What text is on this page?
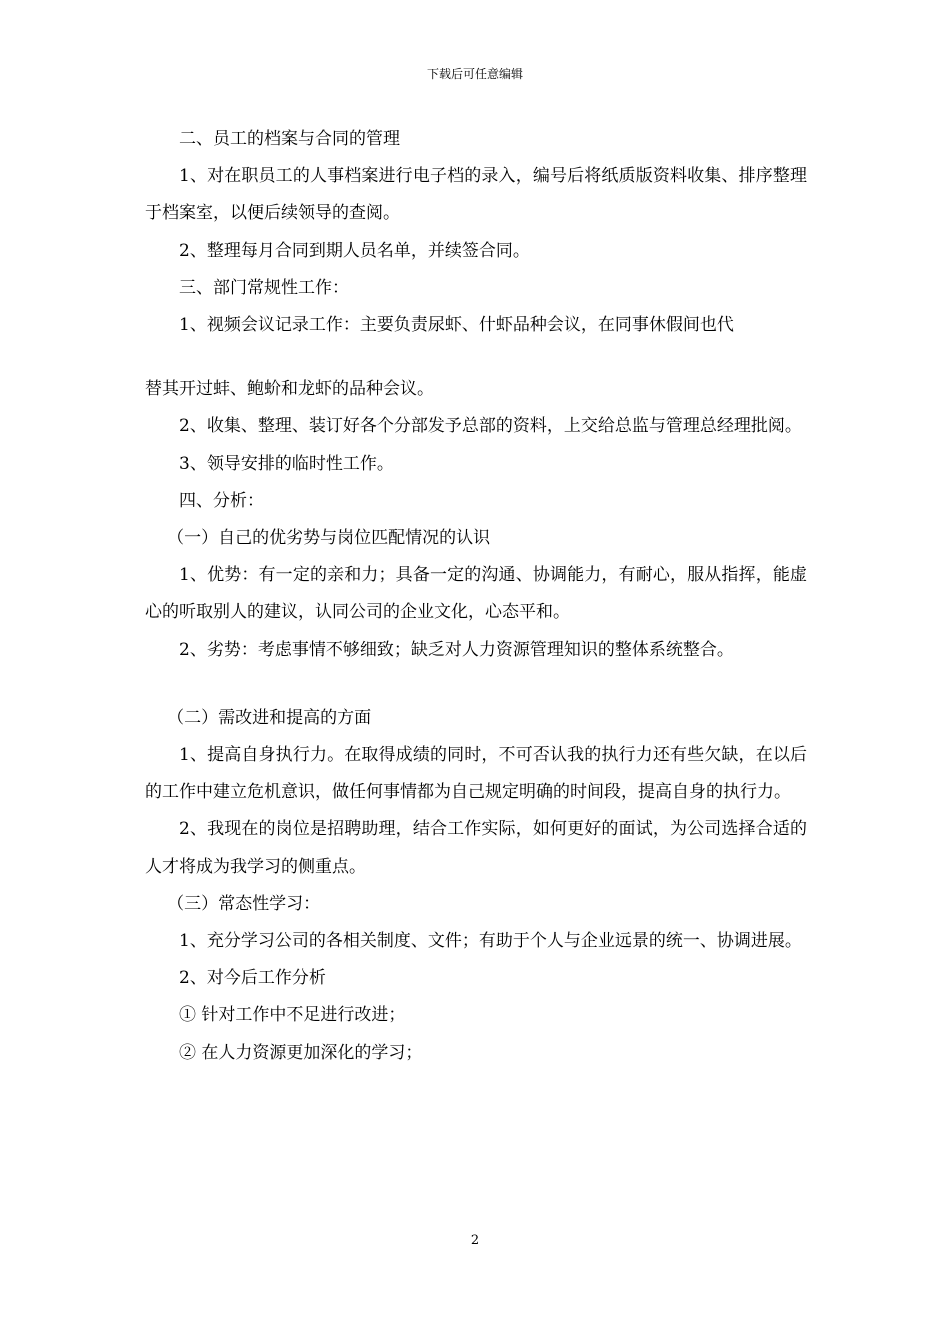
下载后可任意编辑

二、员工的档案与合同的管理

1、对在职员工的人事档案进行电子档的录入，编号后将纸质版资料收集、排序整理于档案室，以便后续领导的查阅。

2、整理每月合同到期人员名单，并续签合同。

三、部门常规性工作：

1、视频会议记录工作：主要负责尿虾、什虾品种会议，在同事休假间也代

替其开过蚌、鲍蚧和龙虾的品种会议。

2、收集、整理、装订好各个分部发予总部的资料，上交给总监与管理总经理批阅。

3、领导安排的临时性工作。

四、分析：

（一）自己的优劣势与岗位匹配情况的认识

1、优势：有一定的亲和力；具备一定的沟通、协调能力，有耐心，服从指挥，能虚心的听取别人的建议，认同公司的企业文化，心态平和。

2、劣势：考虑事情不够细致；缺乏对人力资源管理知识的整体系统整合。

（二）需改进和提高的方面

1、提高自身执行力。在取得成绩的同时，不可否认我的执行力还有些欠缺，在以后的工作中建立危机意识，做任何事情都为自己规定明确的时间段，提高自身的执行力。

2、我现在的岗位是招聘助理，结合工作实际，如何更好的面试，为公司选择合适的人才将成为我学习的侧重点。

（三）常态性学习：

1、充分学习公司的各相关制度、文件；有助于个人与企业远景的统一、协调进展。

2、对今后工作分析

① 针对工作中不足进行改进；

② 在人力资源更加深化的学习；

2
